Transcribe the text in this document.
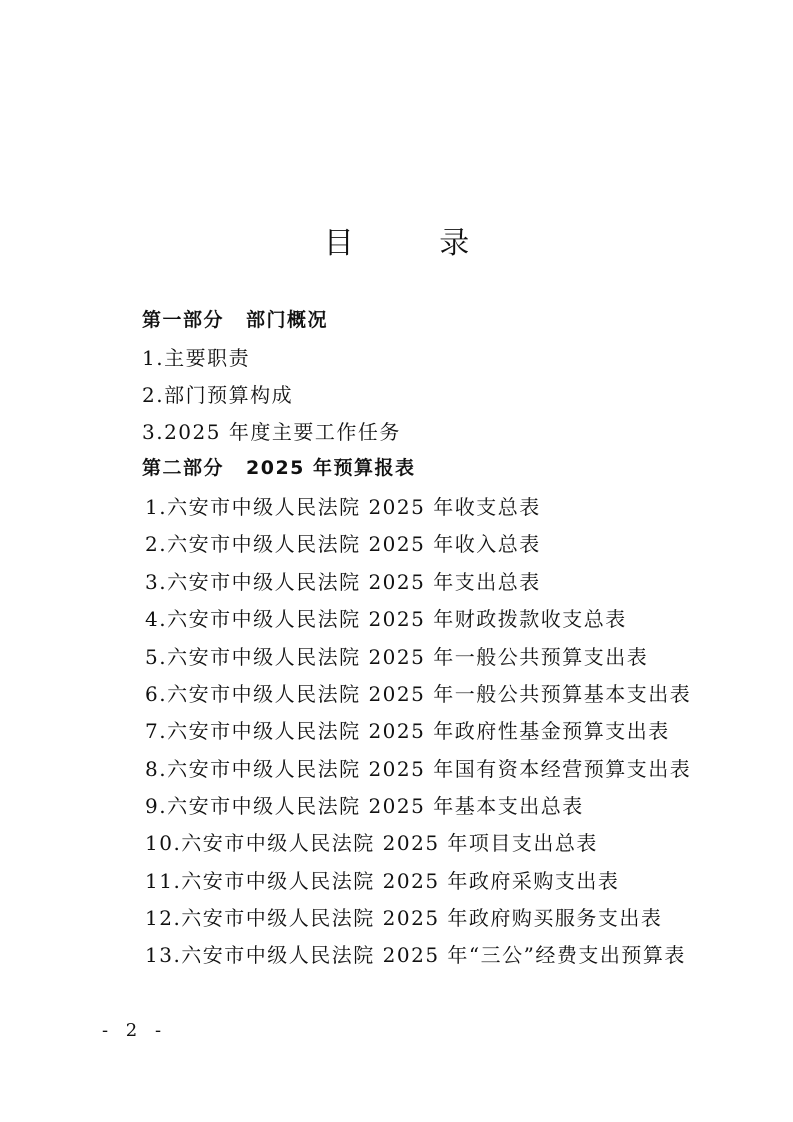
目 录
第一部分 部门概况
1.主要职责
2.部门预算构成
3.2025 年度主要工作任务
第二部分 2025 年预算报表
1.六安市中级人民法院 2025 年收支总表
2.六安市中级人民法院 2025 年收入总表
3.六安市中级人民法院 2025 年支出总表
4.六安市中级人民法院 2025 年财政拨款收支总表
5.六安市中级人民法院 2025 年一般公共预算支出表
6.六安市中级人民法院 2025 年一般公共预算基本支出表
7.六安市中级人民法院 2025 年政府性基金预算支出表
8.六安市中级人民法院 2025 年国有资本经营预算支出表
9.六安市中级人民法院 2025 年基本支出总表
10.六安市中级人民法院 2025 年项目支出总表
11.六安市中级人民法院 2025 年政府采购支出表
12.六安市中级人民法院 2025 年政府购买服务支出表
13.六安市中级人民法院 2025 年“三公”经费支出预算表
- 2 -
